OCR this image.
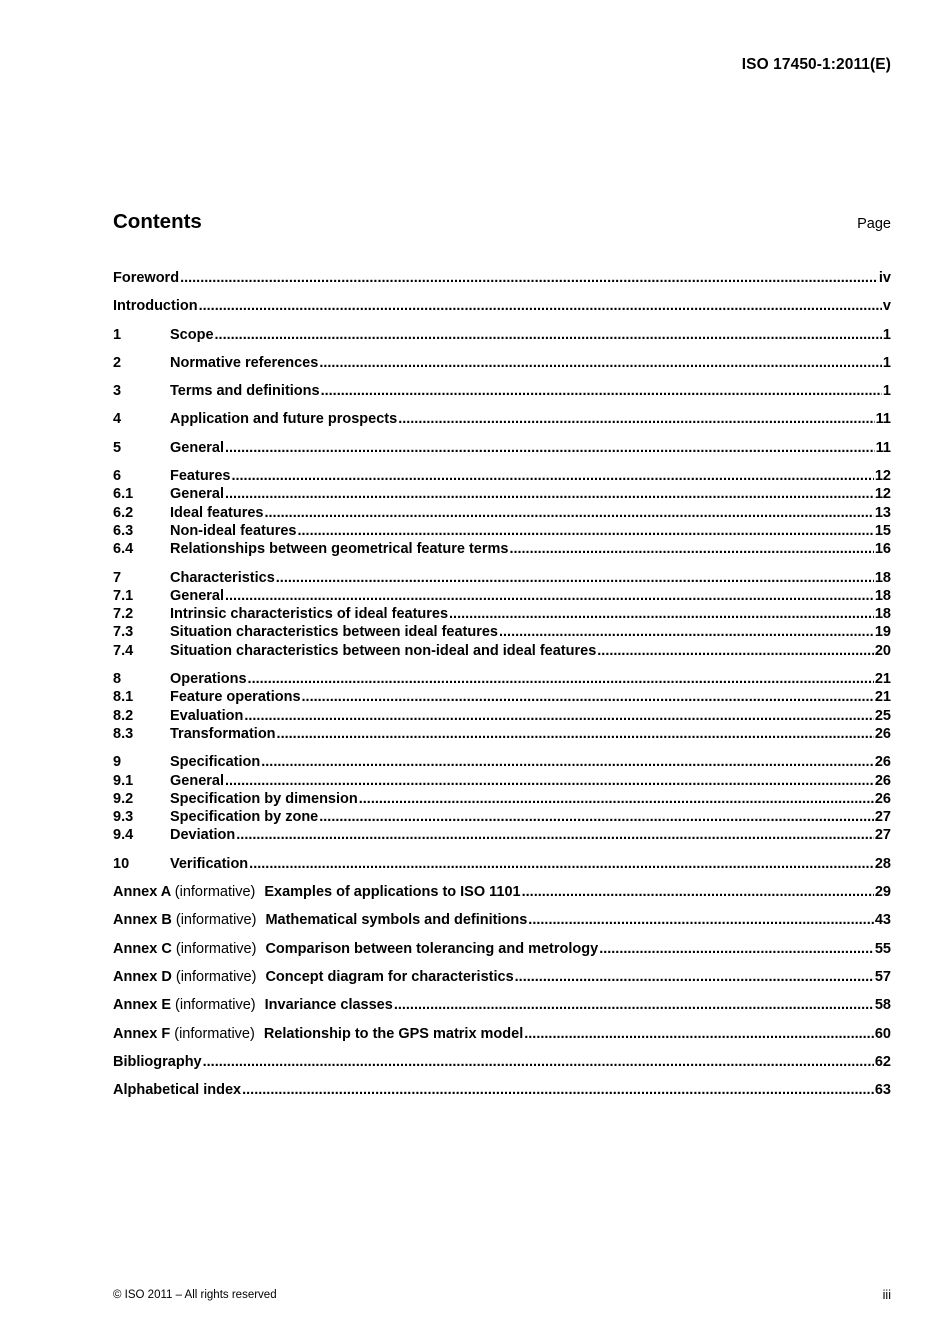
ISO 17450-1:2011(E)
Contents	Page
Foreword .....	iv
Introduction .....	v
1	Scope .....	1
2	Normative references .....	1
3	Terms and definitions .....	1
4	Application and future prospects .....	11
5	General .....	11
6	Features .....	12
6.1	General .....	12
6.2	Ideal features .....	13
6.3	Non-ideal features .....	15
6.4	Relationships between geometrical feature terms .....	16
7	Characteristics .....	18
7.1	General .....	18
7.2	Intrinsic characteristics of ideal features .....	18
7.3	Situation characteristics between ideal features .....	19
7.4	Situation characteristics between non-ideal and ideal features .....	20
8	Operations .....	21
8.1	Feature operations .....	21
8.2	Evaluation .....	25
8.3	Transformation .....	26
9	Specification .....	26
9.1	General .....	26
9.2	Specification by dimension .....	26
9.3	Specification by zone .....	27
9.4	Deviation .....	27
10	Verification .....	28
Annex A (informative) Examples of applications to ISO 1101 .....	29
Annex B (informative) Mathematical symbols and definitions .....	43
Annex C (informative) Comparison between tolerancing and metrology .....	55
Annex D (informative) Concept diagram for characteristics .....	57
Annex E (informative) Invariance classes .....	58
Annex F (informative) Relationship to the GPS matrix model .....	60
Bibliography .....	62
Alphabetical index .....	63
© ISO 2011 – All rights reserved	iii
